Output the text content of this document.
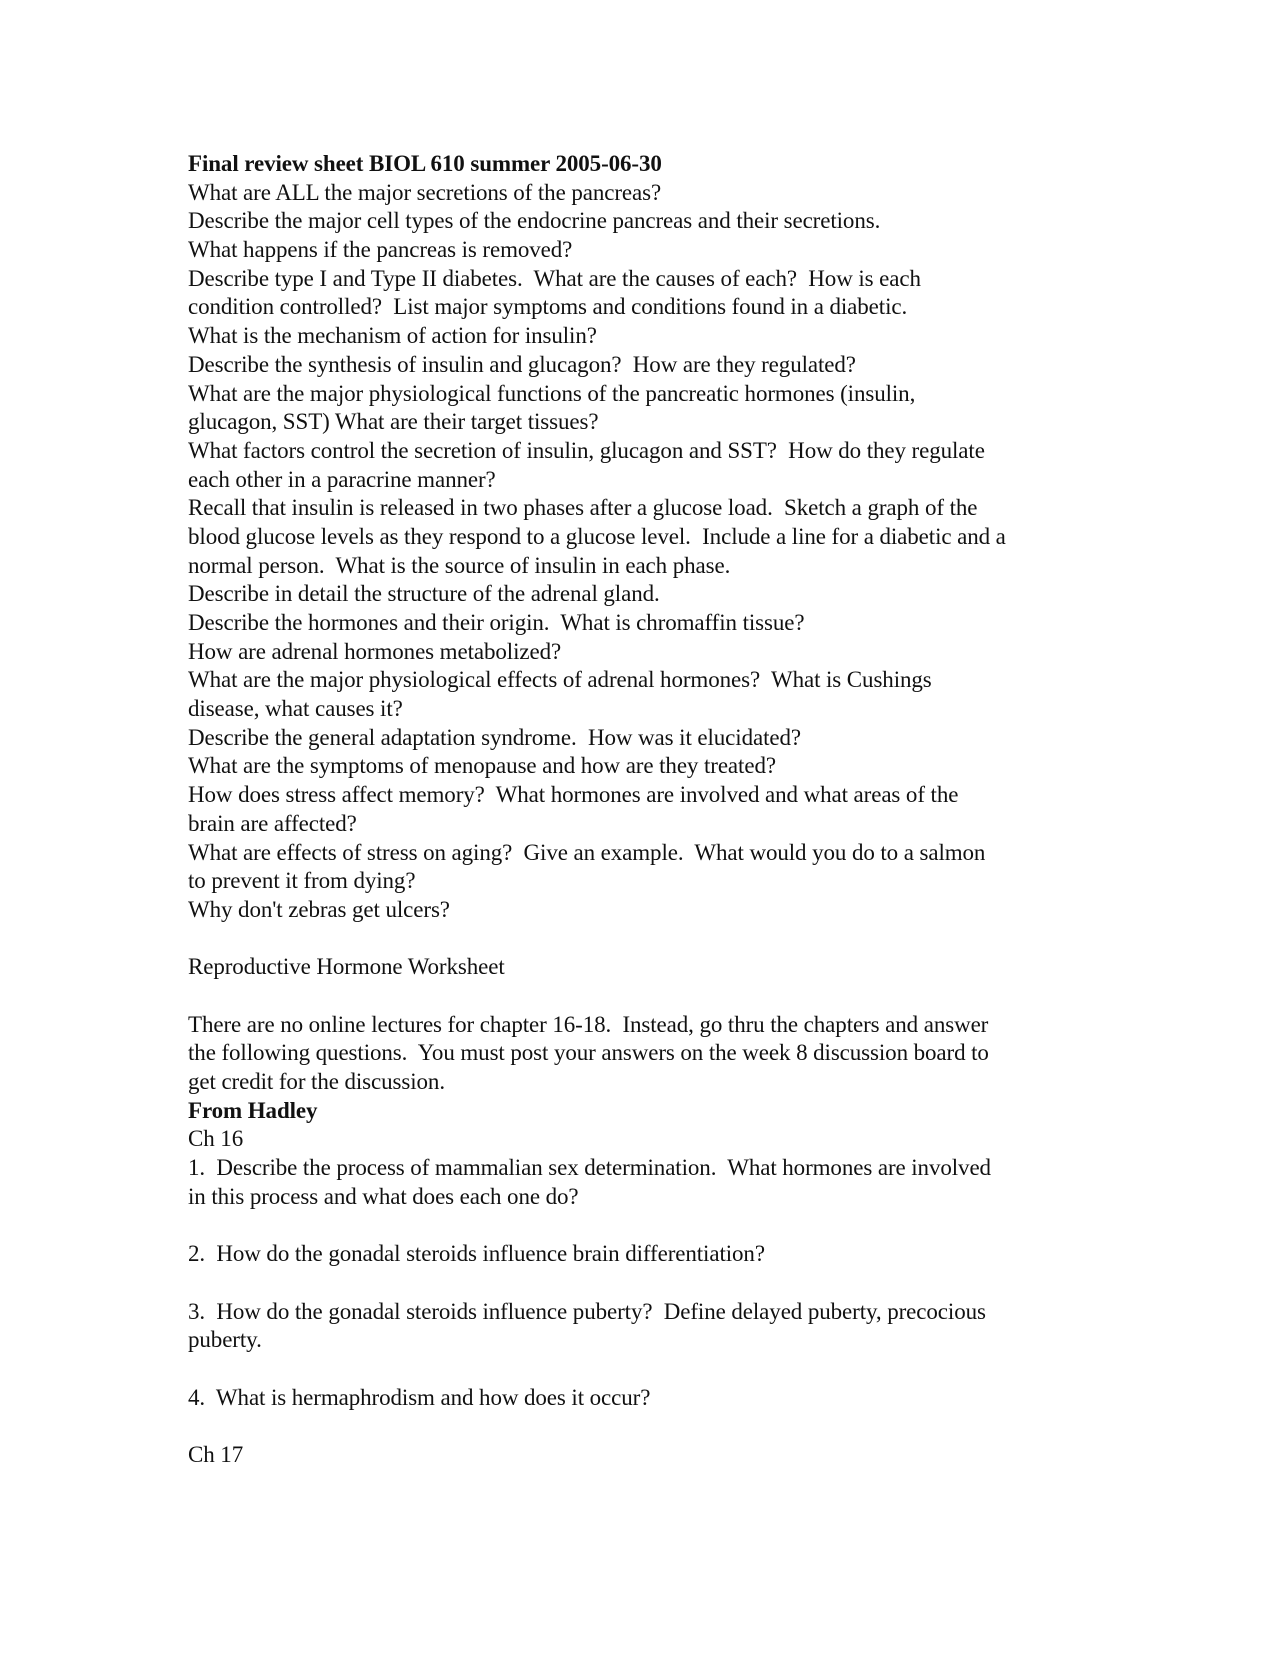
Final review sheet BIOL 610 summer 2005-06-30
What are ALL the major secretions of the pancreas?
Describe the major cell types of the endocrine pancreas and their secretions.
What happens if the pancreas is removed?
Describe type I and Type II diabetes.  What are the causes of each?  How is each
condition controlled?  List major symptoms and conditions found in a diabetic.
What is the mechanism of action for insulin?
Describe the synthesis of insulin and glucagon?  How are they regulated?
What are the major physiological functions of the pancreatic hormones (insulin,
glucagon, SST) What are their target tissues?
What factors control the secretion of insulin, glucagon and SST?  How do they regulate
each other in a paracrine manner?
Recall that insulin is released in two phases after a glucose load.  Sketch a graph of the
blood glucose levels as they respond to a glucose level.  Include a line for a diabetic and a
normal person.  What is the source of insulin in each phase.
Describe in detail the structure of the adrenal gland.
Describe the hormones and their origin.  What is chromaffin tissue?
How are adrenal hormones metabolized?
What are the major physiological effects of adrenal hormones?  What is Cushings
disease, what causes it?
Describe the general adaptation syndrome.  How was it elucidated?
What are the symptoms of menopause and how are they treated?
How does stress affect memory?  What hormones are involved and what areas of the
brain are affected?
What are effects of stress on aging?  Give an example.  What would you do to a salmon
to prevent it from dying?
Why don't zebras get ulcers?
Reproductive Hormone Worksheet
There are no online lectures for chapter 16-18.  Instead, go thru the chapters and answer
the following questions.  You must post your answers on the week 8 discussion board to
get credit for the discussion.
From Hadley
Ch 16
1.  Describe the process of mammalian sex determination.  What hormones are involved
in this process and what does each one do?
2.  How do the gonadal steroids influence brain differentiation?
3.  How do the gonadal steroids influence puberty?  Define delayed puberty, precocious
puberty.
4.  What is hermaphrodism and how does it occur?
Ch 17
